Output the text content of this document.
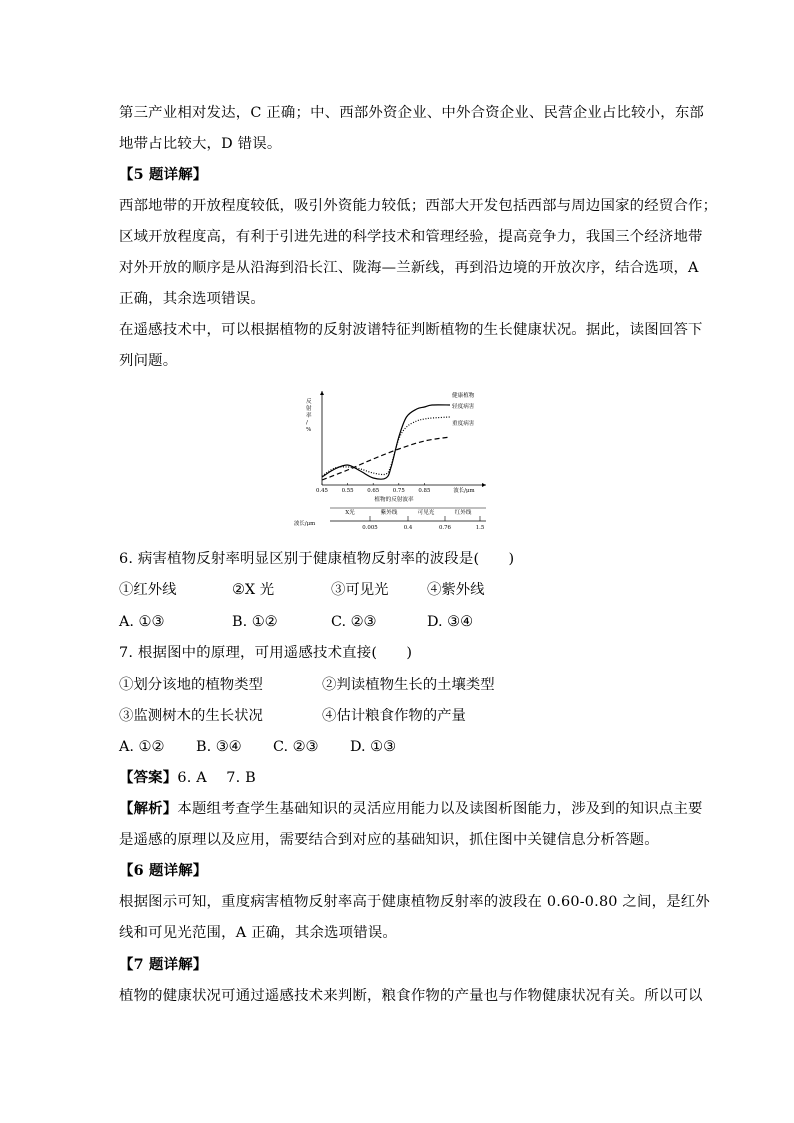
第三产业相对发达，C 正确；中、西部外资企业、中外合资企业、民营企业占比较小，东部
地带占比较大，D 错误。
【5 题详解】
西部地带的开放程度较低，吸引外资能力较低；西部大开发包括西部与周边国家的经贸合作；
区域开放程度高，有利于引进先进的科学技术和管理经验，提高竞争力，我国三个经济地带
对外开放的顺序是从沿海到沿长江、陇海—兰新线，再到沿边境的开放次序，结合选项，A
正确，其余选项错误。
在遥感技术中，可以根据植物的反射波谱特征判断植物的生长健康状况。据此，读图回答下
列问题。
反射率/ %
0.45	0.55	0.65	0.75	0.85	波长/μm
植物的反射波率
健康植物
轻度病害
重度病害
波长/μm
0.005	0.4	0.76	1.5
X光	紫外线	可见光	红外线
6. 病害植物反射率明显区别于健康植物反射率的波段是(　　)
①红外线	②X 光	③可见光	④紫外线
A. ①③	B. ①②	C. ②③	D. ③④
7. 根据图中的原理，可用遥感技术直接(　　)
①划分该地的植物类型	②判读植物生长的土壤类型
③监测树木的生长状况	④估计粮食作物的产量
A. ①② B. ③④ C. ②③ D. ①③
【答案】6. A　 7. B
【解析】本题组考查学生基础知识的灵活应用能力以及读图析图能力，涉及到的知识点主要
是遥感的原理以及应用，需要结合到对应的基础知识，抓住图中关键信息分析答题。
【6 题详解】
根据图示可知，重度病害植物反射率高于健康植物反射率的波段在 0.60-0.80 之间，是红外
线和可见光范围，A 正确，其余选项错误。
【7 题详解】
植物的健康状况可通过遥感技术来判断，粮食作物的产量也与作物健康状况有关。所以可以
